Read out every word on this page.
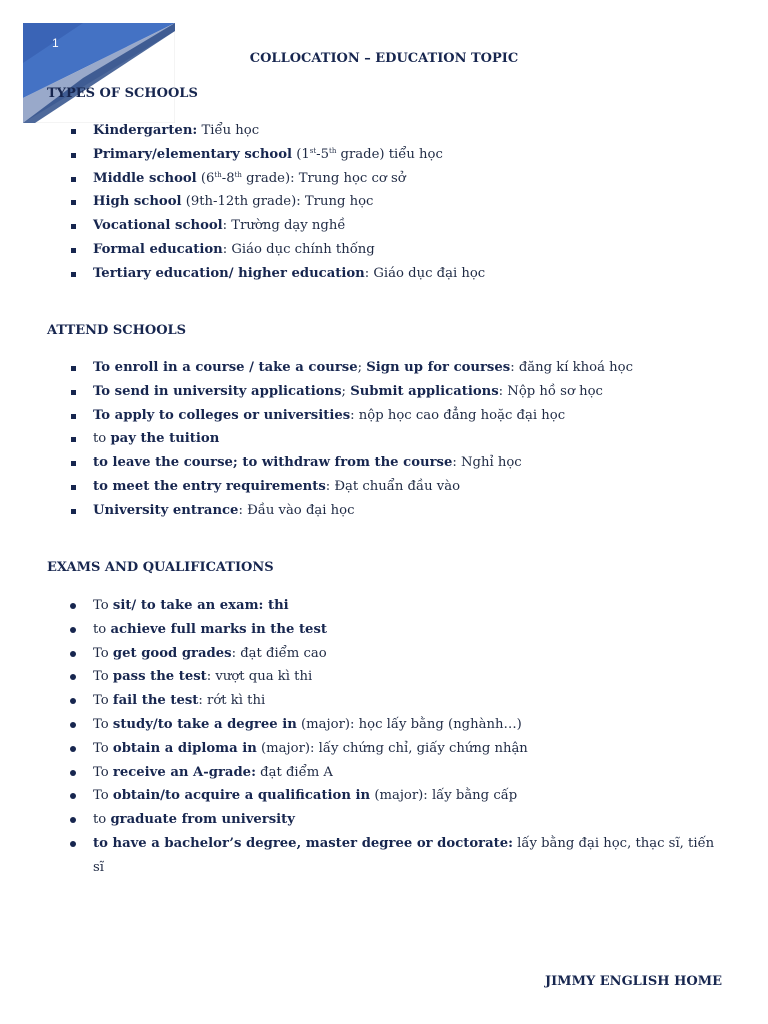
1
COLLOCATION – EDUCATION TOPIC
TYPES OF SCHOOLS
Kindergarten: Tiểu học
Primary/elementary school (1st-5th grade) tiểu học
Middle school (6th-8th grade): Trung học cơ sở
High school (9th-12th grade): Trung học
Vocational school: Trường dạy nghề
Formal education: Giáo dục chính thống
Tertiary education/ higher education: Giáo dục đại học
ATTEND SCHOOLS
To enroll in a course / take a course; Sign up for courses: đăng kí khoá học
To send in university applications; Submit applications: Nộp hồ sơ học
To apply to colleges or universities: nộp học cao đẳng hoặc đại học
to pay the tuition
to leave the course; to withdraw from the course: Nghỉ học
to meet the entry requirements: Đạt chuẩn đầu vào
University entrance: Đầu vào đại học
EXAMS AND QUALIFICATIONS
To sit/ to take an exam: thi
to achieve full marks in the test
To get good grades: đạt điểm cao
To pass the test: vượt qua kì thi
To fail the test: rớt kì thi
To study/to take a degree in (major): học lấy bằng (nghành…)
To obtain a diploma in (major): lấy chứng chỉ, giấy chứng nhận
To receive an A-grade: đạt điểm A
To obtain/to acquire a qualification in (major): lấy bằng cấp
to graduate from university
to have a bachelor’s degree, master degree or doctorate: lấy bằng đại học, thạc sĩ, tiến sĩ
JIMMY ENGLISH HOME
